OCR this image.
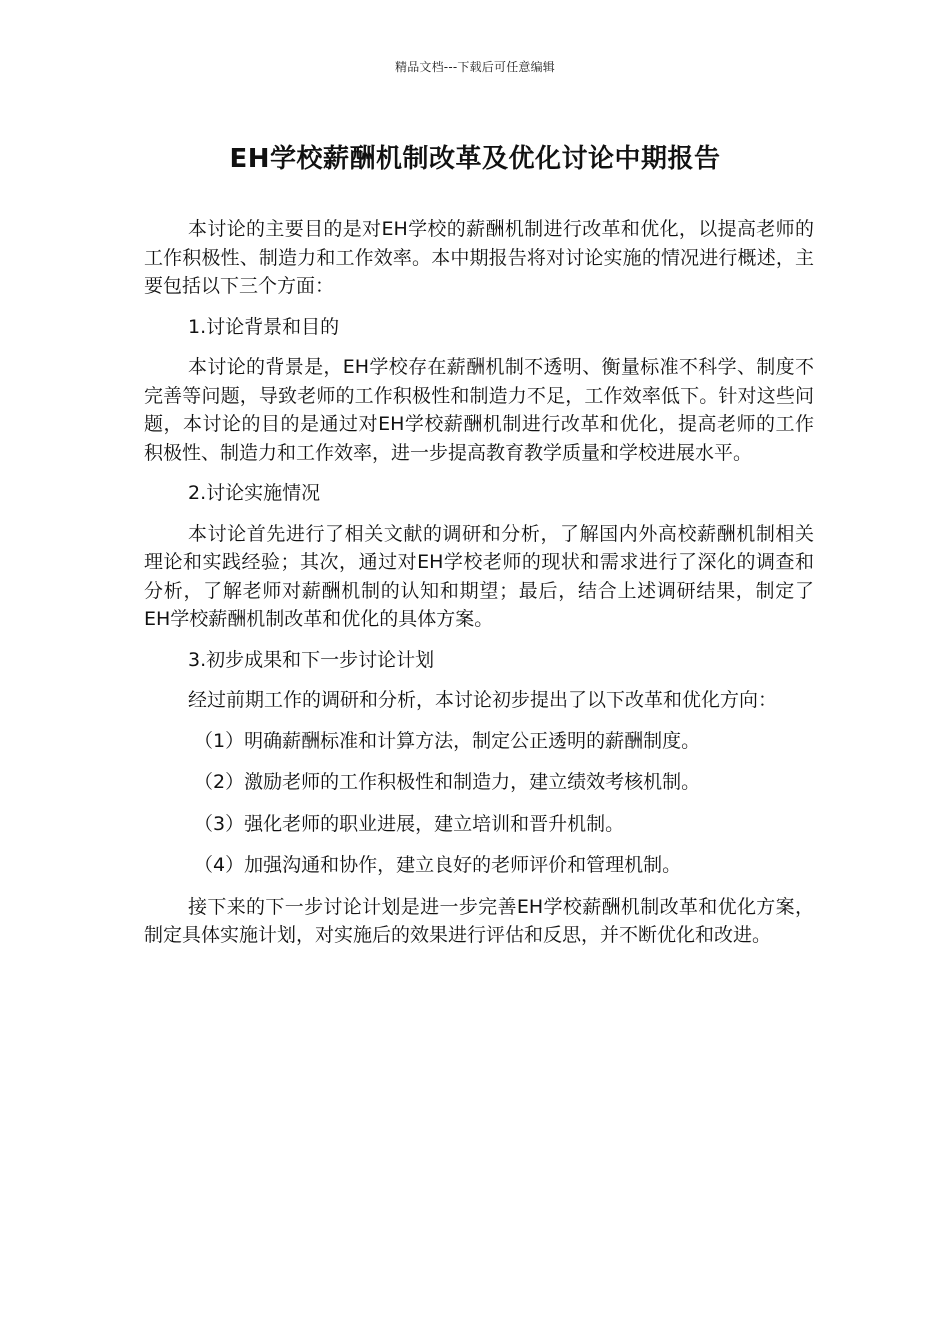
精品文档---下载后可任意编辑
EH学校薪酬机制改革及优化讨论中期报告

本讨论的主要目的是对EH学校的薪酬机制进行改革和优化，以提高老师的工作积极性、制造力和工作效率。本中期报告将对讨论实施的情况进行概述，主要包括以下三个方面：

1.讨论背景和目的

本讨论的背景是，EH学校存在薪酬机制不透明、衡量标准不科学、制度不完善等问题，导致老师的工作积极性和制造力不足，工作效率低下。针对这些问题，本讨论的目的是通过对EH学校薪酬机制进行改革和优化，提高老师的工作积极性、制造力和工作效率，进一步提高教育教学质量和学校进展水平。

2.讨论实施情况

本讨论首先进行了相关文献的调研和分析，了解国内外高校薪酬机制相关理论和实践经验；其次，通过对EH学校老师的现状和需求进行了深化的调查和分析，了解老师对薪酬机制的认知和期望；最后，结合上述调研结果，制定了EH学校薪酬机制改革和优化的具体方案。

3.初步成果和下一步讨论计划

经过前期工作的调研和分析，本讨论初步提出了以下改革和优化方向：

（1）明确薪酬标准和计算方法，制定公正透明的薪酬制度。

（2）激励老师的工作积极性和制造力，建立绩效考核机制。

（3）强化老师的职业进展，建立培训和晋升机制。

（4）加强沟通和协作，建立良好的老师评价和管理机制。

接下来的下一步讨论计划是进一步完善EH学校薪酬机制改革和优化方案，制定具体实施计划，对实施后的效果进行评估和反思，并不断优化和改进。
